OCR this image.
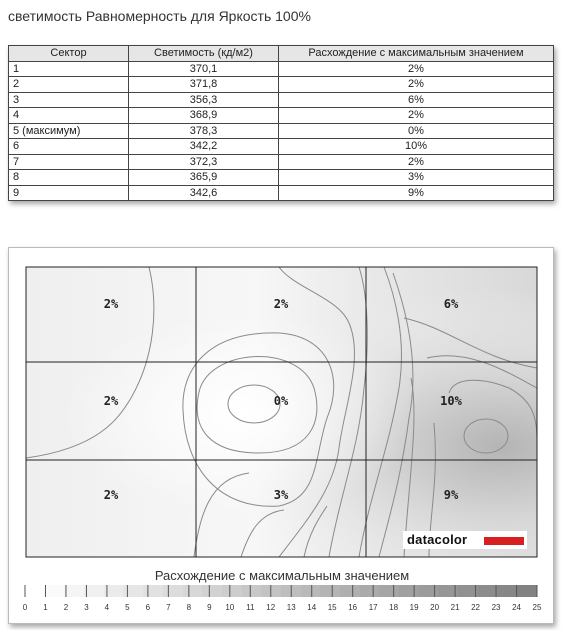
светимость Равномерность для Яркость 100%
Сектор	Светимость (кд/м2)	Расхождение с максимальным значением
1	370,1	2%
2	371,8	2%
3	356,3	6%
4	368,9	2%
5 (максимум)	378,3	0%
6	342,2	10%
7	372,3	2%
8	365,9	3%
9	342,6	9%
2%	2%	6%
2%	0%	10%
2%	3%	9%
datacolor
Расхождение с максимальным значением
0 1 2 3 4 5 6 7 8 9 10 11 12 13 14 15 16 17 18 19 20 21 22 23 24 25
